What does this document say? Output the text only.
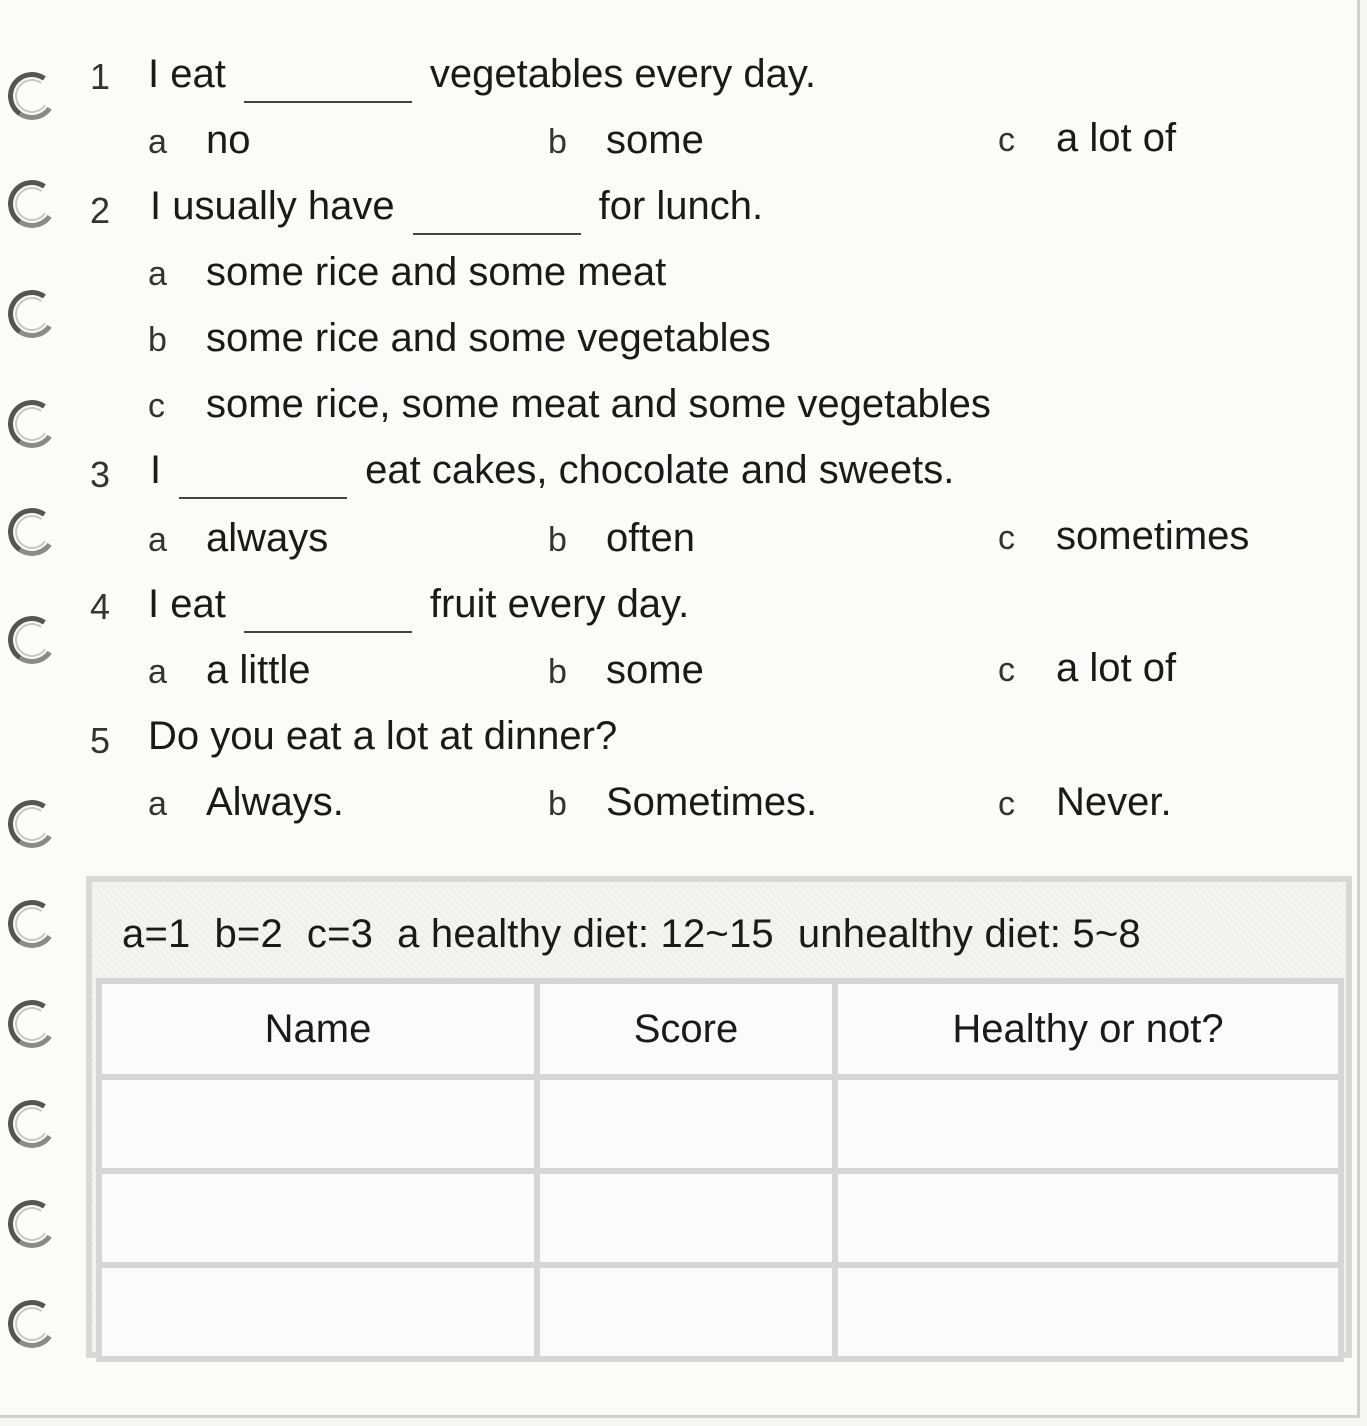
1 I eat	vegetables every day.
a no	b some	c a lot of
2 I usually have	for lunch.
a some rice and some meat
b some rice and some vegetables
c some rice, some meat and some vegetables
3 I	eat cakes, chocolate and sweets.
a always	b often	c sometimes
4 I eat	fruit every day.
a a little	b some	c a lot of
5 Do you eat a lot at dinner?
a Always.	b Sometimes.	c Never.
a=1 b=2 c=3 a healthy diet: 12~15 unhealthy diet: 5~8
Name	Score	Healthy or not?
